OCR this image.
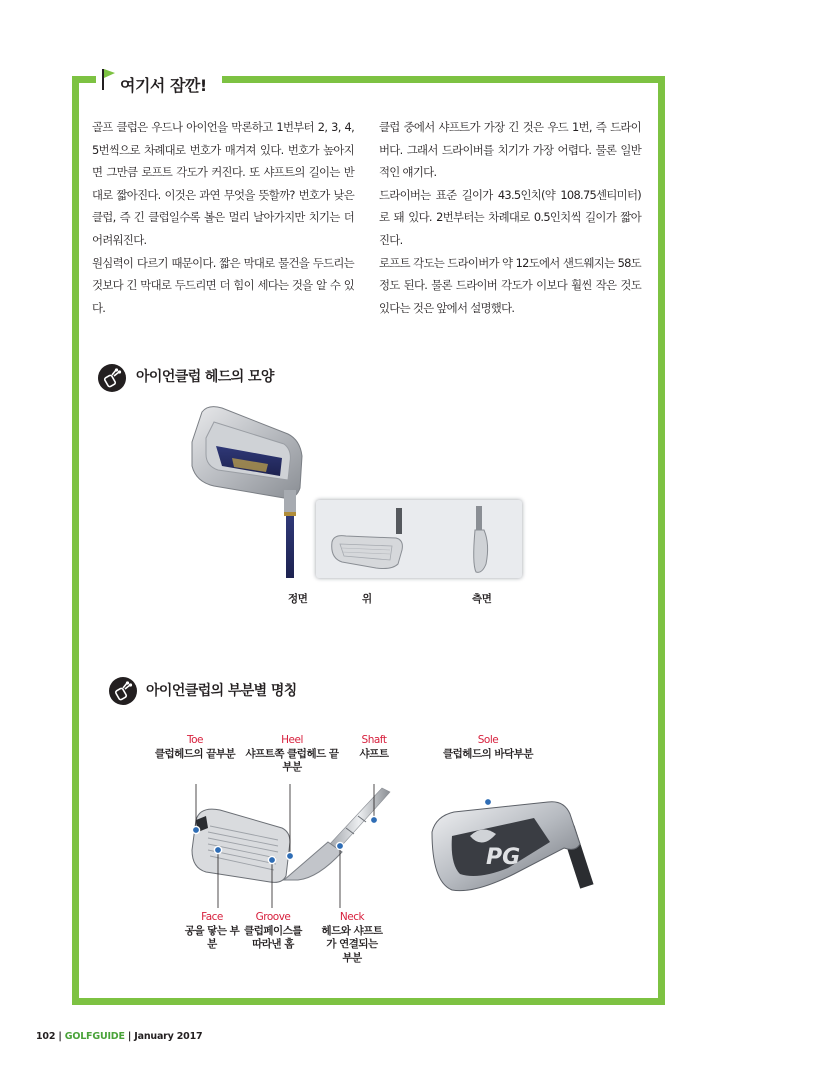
여기서 잠깐!

골프 클럽은 우드나 아이언을 막론하고 1번부터 2, 3, 4, 5번씩으로 차례대로 번호가 매겨져 있다. 번호가 높아지면 그만큼 로프트 각도가 커진다. 또 샤프트의 길이는 반대로 짧아진다. 이것은 과연 무엇을 뜻할까? 번호가 낮은 클럽, 즉 긴 클럽일수록 볼은 멀리 날아가지만 치기는 더 어려워진다.

원심력이 다르기 때문이다. 짧은 막대로 물건을 두드리는 것보다 긴 막대로 두드리면 더 힘이 세다는 것을 알 수 있다.

클럽 중에서 샤프트가 가장 긴 것은 우드 1번, 즉 드라이버다. 그래서 드라이버를 치기가 가장 어렵다. 물론 일반적인 얘기다.

드라이버는 표준 길이가 43.5인치(약 108.75센티미터)로 돼 있다. 2번부터는 차례대로 0.5인치씩 길이가 짧아진다.

로프트 각도는 드라이버가 약 12도에서 샌드웨지는 58도 정도 된다. 물론 드라이버 각도가 이보다 훨씬 작은 것도 있다는 것은 앞에서 설명했다.

아이언클럽 헤드의 모양
정면	위	측면
아이언클럽의 부분별 명칭
Toe
클럽헤드의 끝부분
Heel
샤프트쪽 클럽헤드 끝부분
Shaft
샤프트
Sole
클럽헤드의 바닥부분
PG
Face
공을 닿는 부분
Groove
클럽페이스를 따라낸 홈
Neck
헤드와 샤프트가 연결되는 부분
102 | GOLFGUIDE | January 2017
